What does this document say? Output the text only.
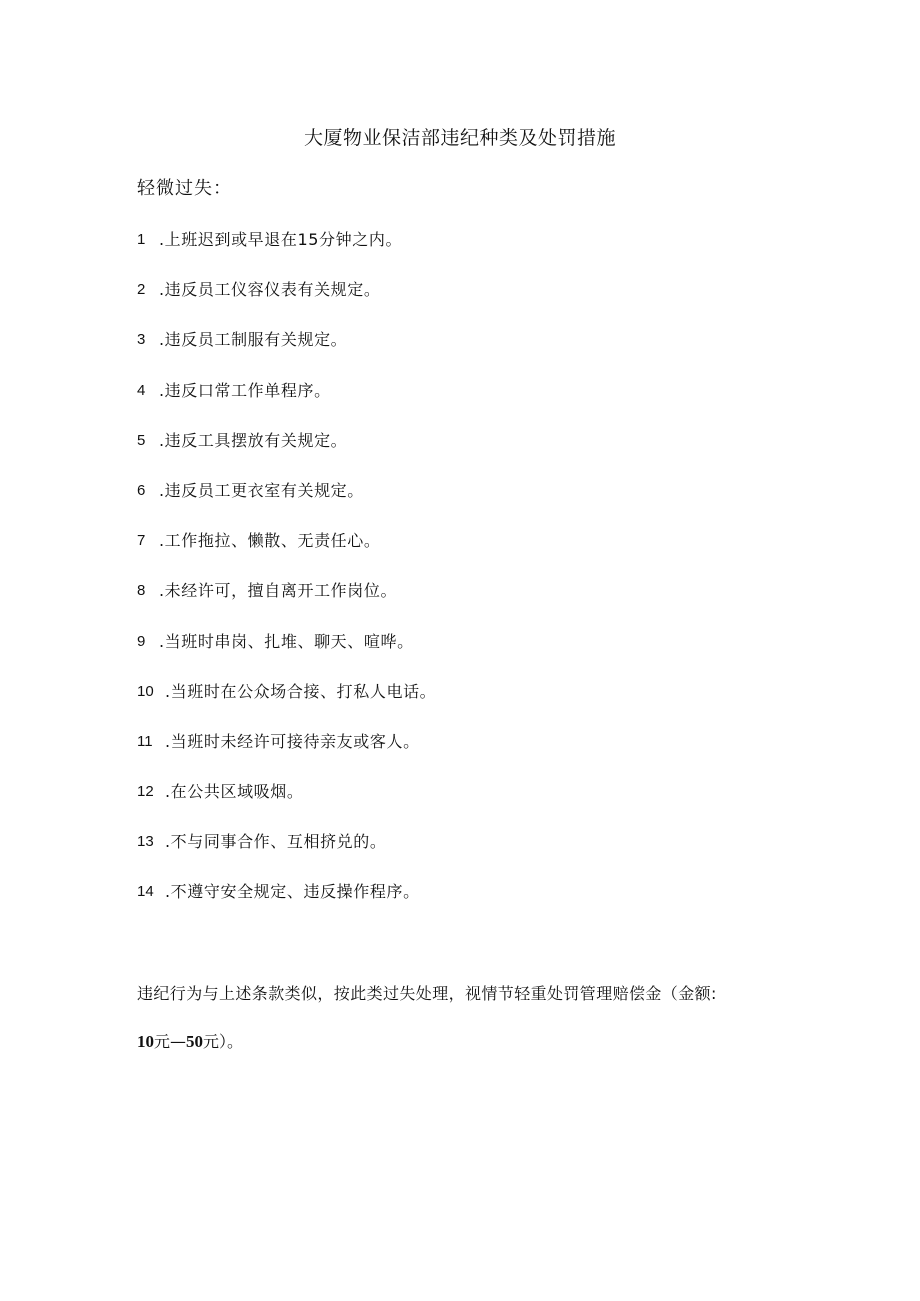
大厦物业保洁部违纪种类及处罚措施
轻微过失：
1 .上班迟到或早退在15分钟之内。
2 .违反员工仪容仪表有关规定。
3 .违反员工制服有关规定。
4 .违反口常工作单程序。
5 .违反工具摆放有关规定。
6 .违反员工更衣室有关规定。
7 .工作拖拉、懒散、无责任心。
8 .未经许可，擅自离开工作岗位。
9 .当班时串岗、扎堆、聊天、喧哗。
10 .当班时在公众场合接、打私人电话。
11 .当班时未经许可接待亲友或客人。
12 .在公共区域吸烟。
13 .不与同事合作、互相挤兑的。
14 .不遵守安全规定、违反操作程序。
违纪行为与上述条款类似，按此类过失处理，视情节轻重处罚管理赔偿金（金额:
10元—50元）。
